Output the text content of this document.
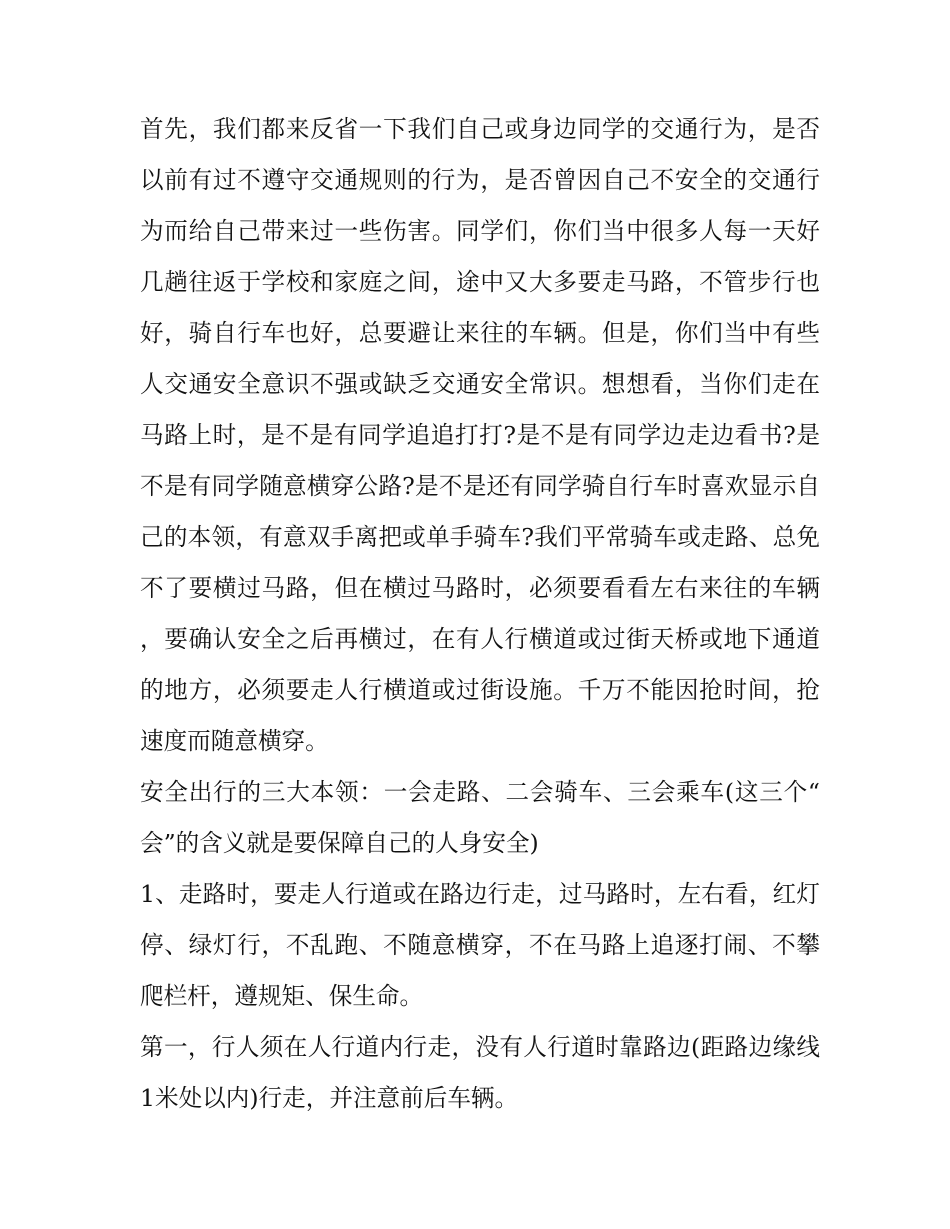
首先，我们都来反省一下我们自己或身边同学的交通行为，是否以前有过不遵守交通规则的行为，是否曾因自己不安全的交通行为而给自己带来过一些伤害。同学们，你们当中很多人每一天好几趟往返于学校和家庭之间，途中又大多要走马路，不管步行也好，骑自行车也好，总要避让来往的车辆。但是，你们当中有些人交通安全意识不强或缺乏交通安全常识。想想看，当你们走在马路上时，是不是有同学追追打打?是不是有同学边走边看书?是不是有同学随意横穿公路?是不是还有同学骑自行车时喜欢显示自己的本领，有意双手离把或单手骑车?我们平常骑车或走路、总免不了要横过马路，但在横过马路时，必须要看看左右来往的车辆，要确认安全之后再横过，在有人行横道或过街天桥或地下通道的地方，必须要走人行横道或过街设施。千万不能因抢时间，抢速度而随意横穿。

安全出行的三大本领：一会走路、二会骑车、三会乘车(这三个“会”的含义就是要保障自己的人身安全)

1、走路时，要走人行道或在路边行走，过马路时，左右看，红灯停、绿灯行，不乱跑、不随意横穿，不在马路上追逐打闹、不攀爬栏杆，遵规矩、保生命。

第一，行人须在人行道内行走，没有人行道时靠路边(距路边缘线1米处以内)行走，并注意前后车辆。
